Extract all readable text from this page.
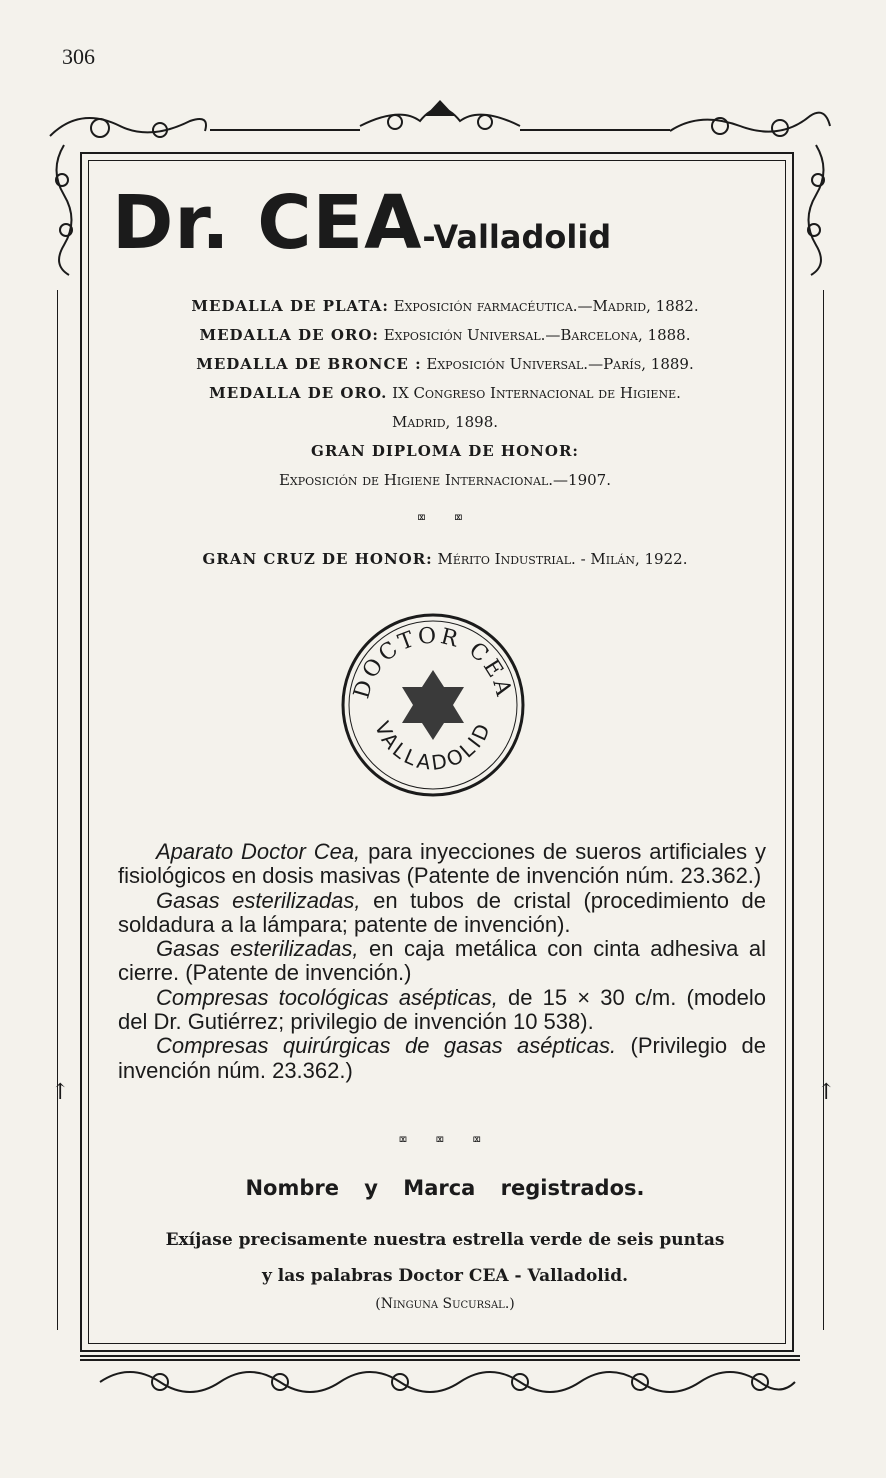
306
↑	↑
Dr. CEA-Valladolid
MEDALLA DE PLATA: Exposición farmacéutica.—Madrid, 1882.
MEDALLA DE ORO: Exposición Universal.—Barcelona, 1888.
MEDALLA DE BRONCE : Exposición Universal.—París, 1889.
MEDALLA DE ORO. IX Congreso Internacional de Higiene.
Madrid, 1898.
GRAN DIPLOMA DE HONOR:
Exposición de Higiene Internacional.—1907.
⌧ ⌧
GRAN CRUZ DE HONOR: Mérito Industrial. - Milán, 1922.
DOCTOR CEA
VALLADOLID

Aparato Doctor Cea, para inyecciones de sueros artificiales y fisiológicos en dosis masivas (Patente de invención núm. 23.362.)

Gasas esterilizadas, en tubos de cristal (procedimiento de soldadura a la lámpara; patente de invención).

Gasas esterilizadas, en caja metálica con cinta adhesiva al cierre. (Patente de invención.)

Compresas tocológicas asépticas, de 15 × 30 c/m. (modelo del Dr. Gutiérrez; privilegio de invención 10 538).

Compresas quirúrgicas de gasas asépticas. (Privilegio de invención núm. 23.362.)

⌧ ⌧ ⌧
Nombre y Marca registrados.
Exíjase precisamente nuestra estrella verde de seis puntas
y las palabras Doctor CEA - Valladolid.
(Ninguna Sucursal.)
